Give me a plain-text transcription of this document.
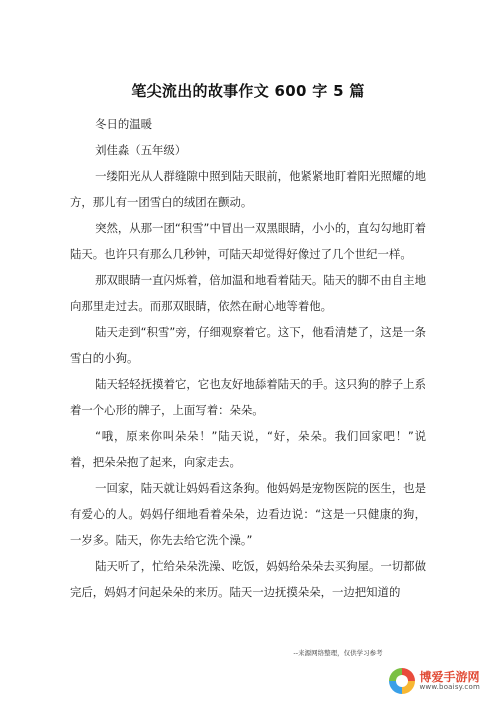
笔尖流出的故事作文 600 字 5 篇

冬日的温暖

刘佳淼（五年级）

一缕阳光从人群缝隙中照到陆天眼前，他紧紧地盯着阳光照耀的地方，那儿有一团雪白的绒团在颤动。

突然，从那一团“积雪”中冒出一双黑眼睛，小小的，直勾勾地盯着陆天。也许只有那么几秒钟，可陆天却觉得好像过了几个世纪一样。

那双眼睛一直闪烁着，倍加温和地看着陆天。陆天的脚不由自主地向那里走过去。而那双眼睛，依然在耐心地等着他。

陆天走到“积雪”旁，仔细观察着它。这下，他看清楚了，这是一条雪白的小狗。

陆天轻轻抚摸着它，它也友好地舔着陆天的手。这只狗的脖子上系着一个心形的牌子，上面写着：朵朵。

“哦，原来你叫朵朵！”陆天说，“好，朵朵。我们回家吧！”说着，把朵朵抱了起来，向家走去。

一回家，陆天就让妈妈看这条狗。他妈妈是宠物医院的医生，也是有爱心的人。妈妈仔细地看着朵朵，边看边说：“这是一只健康的狗，一岁多。陆天，你先去给它洗个澡。”

陆天听了，忙给朵朵洗澡、吃饭，妈妈给朵朵去买狗屋。一切都做完后，妈妈才问起朵朵的来历。陆天一边抚摸朵朵，一边把知道的

--来源网络整理，仅供学习参考
博爱手游网
www.boaisy.com
